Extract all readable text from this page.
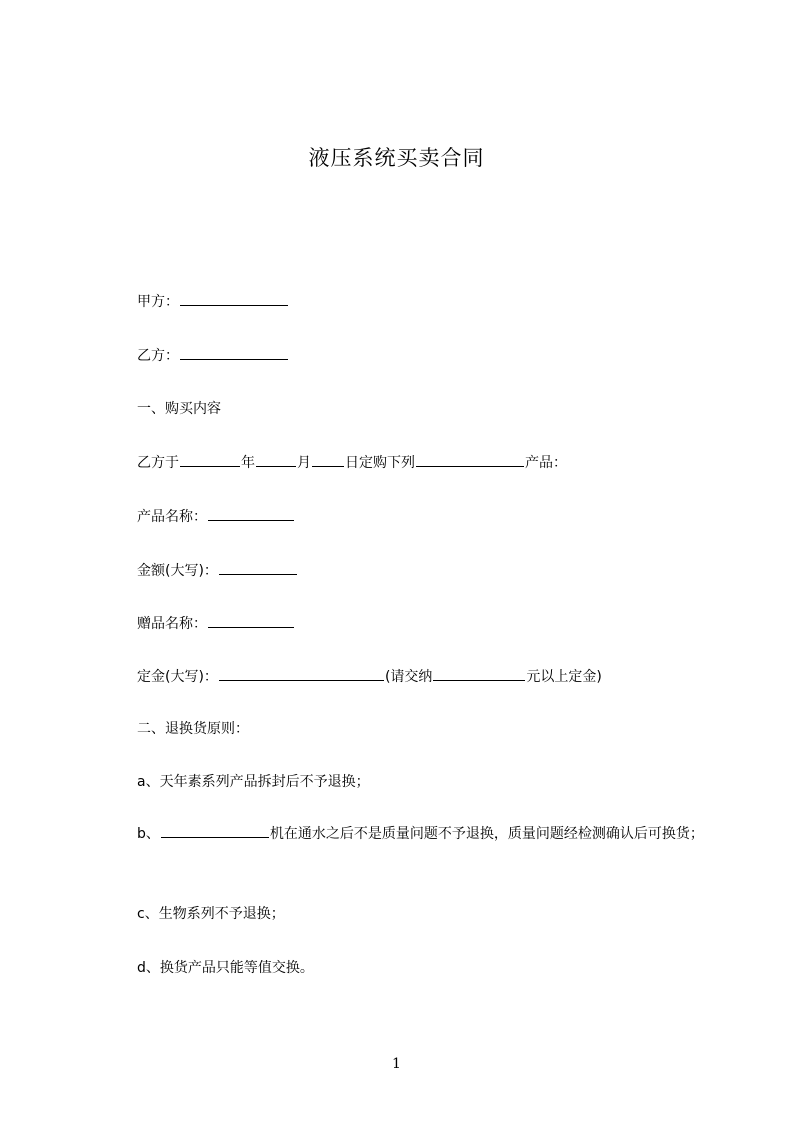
液压系统买卖合同
甲方：
乙方：
一、购买内容
乙方于	年	月 日定购下列	产品：
产品名称：
金额(大写)：
赠品名称：
定金(大写)：	(请交纳	元以上定金)
二、退换货原则：
a、天年素系列产品拆封后不予退换；

b、	机在通水之后不是质量问题不予退换，质量问题经检测确认后可换货；

c、生物系列不予退换；
d、换货产品只能等值交换。
1
